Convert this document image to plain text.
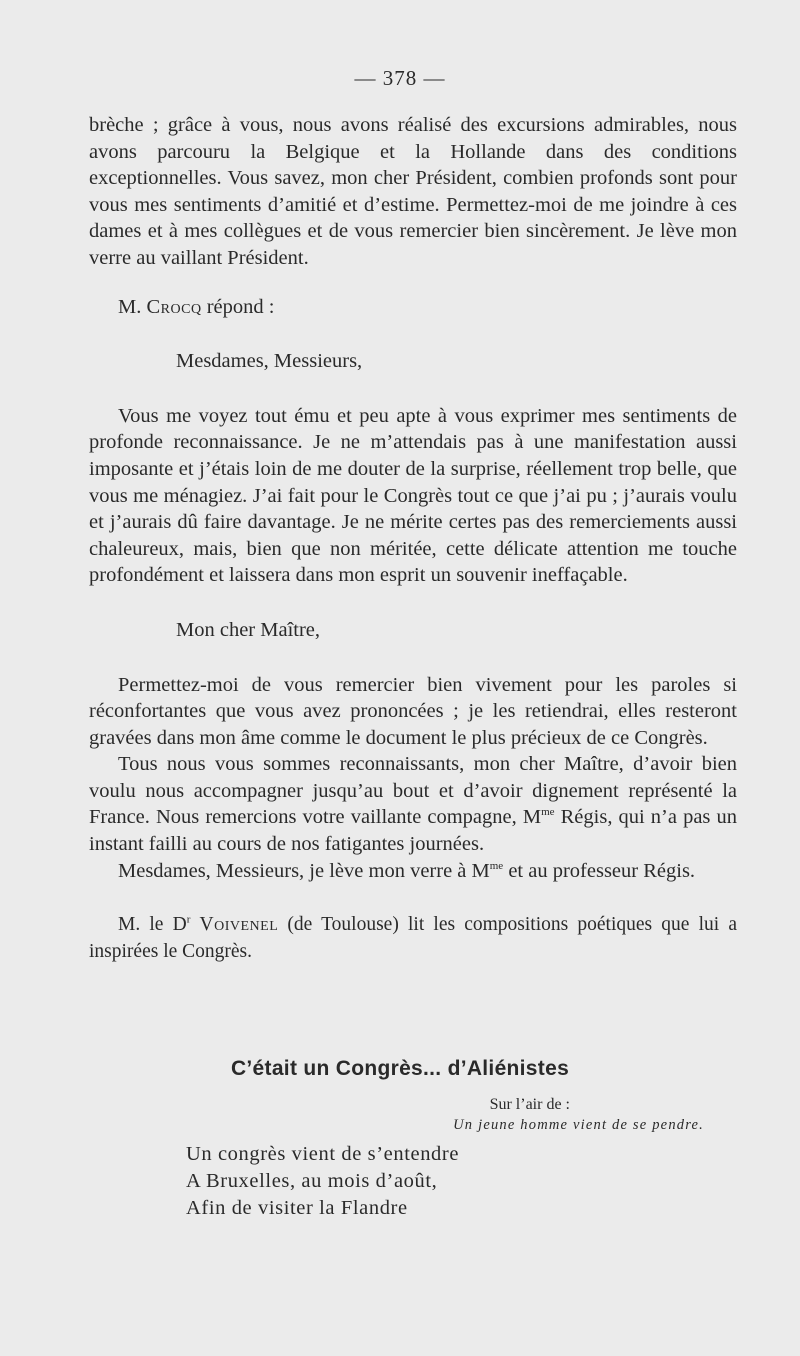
— 378 —

brèche ; grâce à vous, nous avons réalisé des excursions admirables, nous avons parcouru la Belgique et la Hollande dans des conditions exceptionnelles. Vous savez, mon cher Président, combien profonds sont pour vous mes sentiments d’amitié et d’estime. Permettez-moi de me joindre à ces dames et à mes collègues et de vous remercier bien sincèrement. Je lève mon verre au vaillant Président.

M. Crocq répond :

Mesdames, Messieurs,

Vous me voyez tout ému et peu apte à vous exprimer mes sentiments de profonde reconnaissance. Je ne m’attendais pas à une manifestation aussi imposante et j’étais loin de me douter de la surprise, réellement trop belle, que vous me ménagiez. J’ai fait pour le Congrès tout ce que j’ai pu ; j’aurais voulu et j’aurais dû faire davantage. Je ne mérite certes pas des remerciements aussi chaleureux, mais, bien que non méritée, cette délicate attention me touche profondément et laissera dans mon esprit un souvenir ineffaçable.

Mon cher Maître,

Permettez-moi de vous remercier bien vivement pour les paroles si réconfortantes que vous avez prononcées ; je les retiendrai, elles resteront gravées dans mon âme comme le document le plus précieux de ce Congrès.

Tous nous vous sommes reconnaissants, mon cher Maître, d’avoir bien voulu nous accompagner jusqu’au bout et d’avoir dignement représenté la France. Nous remercions votre vaillante compagne, $M^{me}$ Régis, qui n’a pas un instant failli au cours de nos fatigantes journées.

Mesdames, Messieurs, je lève mon verre à $M^{me}$ et au professeur Régis.

M. le $D^r$ Voivenel (de Toulouse) lit les compositions poétiques que lui a inspirées le Congrès.

C’était un Congrès... d’Aliénistes
Sur l’air de :
Un jeune homme vient de se pendre.
Un congrès vient de s’entendre
A Bruxelles, au mois d’août,
Afin de visiter la Flandre
